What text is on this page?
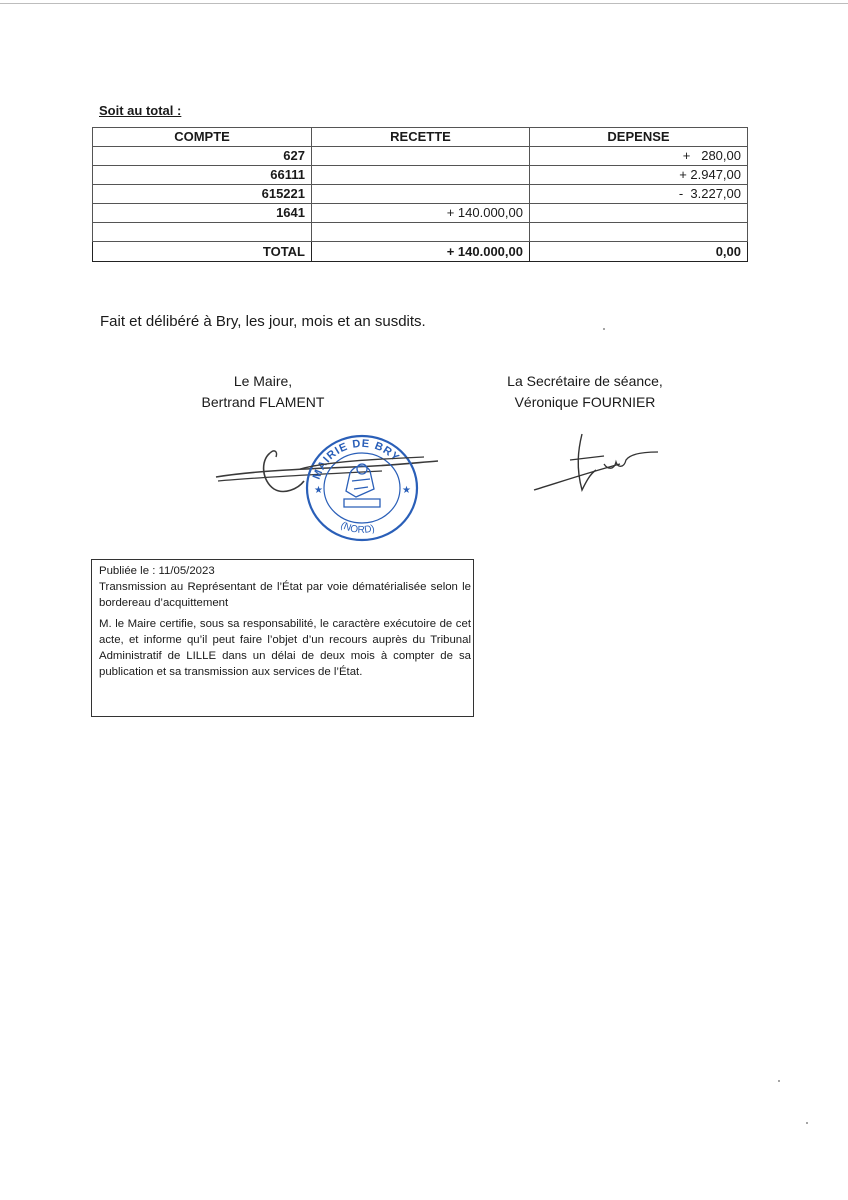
Soit au total :
COMPTE	RECETTE	DEPENSE
627		+   280,00
66111		+ 2.947,00
615221		-  3.227,00
1641	+ 140.000,00	

TOTAL	+ 140.000,00	0,00
Fait et délibéré à Bry, les jour, mois et an susdits.
Le Maire,
Bertrand FLAMENT
La Secrétaire de séance,
Véronique FOURNIER
MAIRIE DE BRY
(NORD)
★	★

Publiée le : 11/05/2023

Transmission au Représentant de l’État par voie dématérialisée selon le bordereau d’acquittement

M. le Maire certifie, sous sa responsabilité, le caractère exécutoire de cet acte, et informe qu’il peut faire l’objet d’un recours auprès du Tribunal Administratif de LILLE dans un délai de deux mois à compter de sa publication et sa transmission aux services de l’État.
